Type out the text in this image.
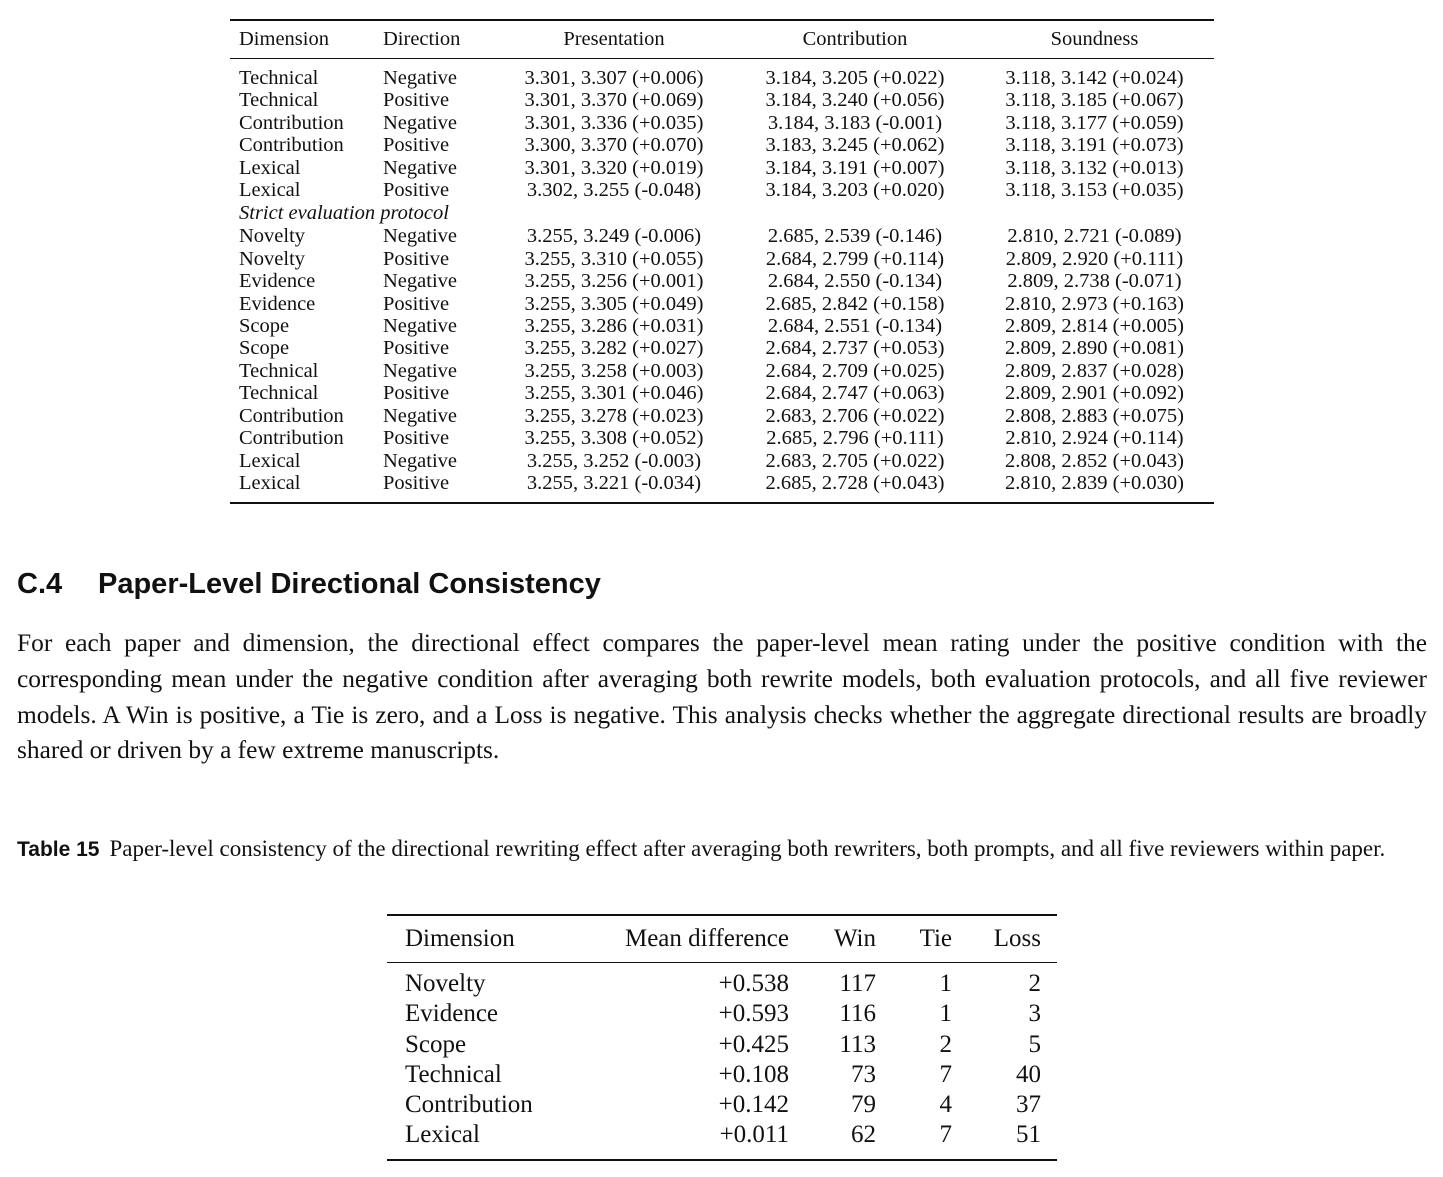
Dimension	Direction	Presentation	Contribution	Soundness

Technical	Negative	3.301, 3.307 (+0.006)	3.184, 3.205 (+0.022)	3.118, 3.142 (+0.024)
Technical	Positive	3.301, 3.370 (+0.069)	3.184, 3.240 (+0.056)	3.118, 3.185 (+0.067)
Contribution	Negative	3.301, 3.336 (+0.035)	3.184, 3.183 (-0.001)	3.118, 3.177 (+0.059)
Contribution	Positive	3.300, 3.370 (+0.070)	3.183, 3.245 (+0.062)	3.118, 3.191 (+0.073)
Lexical	Negative	3.301, 3.320 (+0.019)	3.184, 3.191 (+0.007)	3.118, 3.132 (+0.013)
Lexical	Positive	3.302, 3.255 (-0.048)	3.184, 3.203 (+0.020)	3.118, 3.153 (+0.035)
Strict evaluation protocol				
Novelty	Negative	3.255, 3.249 (-0.006)	2.685, 2.539 (-0.146)	2.810, 2.721 (-0.089)
Novelty	Positive	3.255, 3.310 (+0.055)	2.684, 2.799 (+0.114)	2.809, 2.920 (+0.111)
Evidence	Negative	3.255, 3.256 (+0.001)	2.684, 2.550 (-0.134)	2.809, 2.738 (-0.071)
Evidence	Positive	3.255, 3.305 (+0.049)	2.685, 2.842 (+0.158)	2.810, 2.973 (+0.163)
Scope	Negative	3.255, 3.286 (+0.031)	2.684, 2.551 (-0.134)	2.809, 2.814 (+0.005)
Scope	Positive	3.255, 3.282 (+0.027)	2.684, 2.737 (+0.053)	2.809, 2.890 (+0.081)
Technical	Negative	3.255, 3.258 (+0.003)	2.684, 2.709 (+0.025)	2.809, 2.837 (+0.028)
Technical	Positive	3.255, 3.301 (+0.046)	2.684, 2.747 (+0.063)	2.809, 2.901 (+0.092)
Contribution	Negative	3.255, 3.278 (+0.023)	2.683, 2.706 (+0.022)	2.808, 2.883 (+0.075)
Contribution	Positive	3.255, 3.308 (+0.052)	2.685, 2.796 (+0.111)	2.810, 2.924 (+0.114)
Lexical	Negative	3.255, 3.252 (-0.003)	2.683, 2.705 (+0.022)	2.808, 2.852 (+0.043)
Lexical	Positive	3.255, 3.221 (-0.034)	2.685, 2.728 (+0.043)	2.810, 2.839 (+0.030)

C.4 Paper-Level Directional Consistency
For each paper and dimension, the directional effect compares the paper-level mean rating under the positive condition with the corresponding mean under the negative condition after averaging both rewrite models, both evaluation protocols, and all five reviewer models. A Win is positive, a Tie is zero, and a Loss is negative. This analysis checks whether the aggregate directional results are broadly shared or driven by a few extreme manuscripts.
Table 15 Paper-level consistency of the directional rewriting effect after averaging both rewriters, both prompts, and all five reviewers within paper.
Dimension	Mean difference	Win	Tie	Loss

Novelty	+0.538	117	1	2
Evidence	+0.593	116	1	3
Scope	+0.425	113	2	5
Technical	+0.108	73	7	40
Contribution	+0.142	79	4	37
Lexical	+0.011	62	7	51
